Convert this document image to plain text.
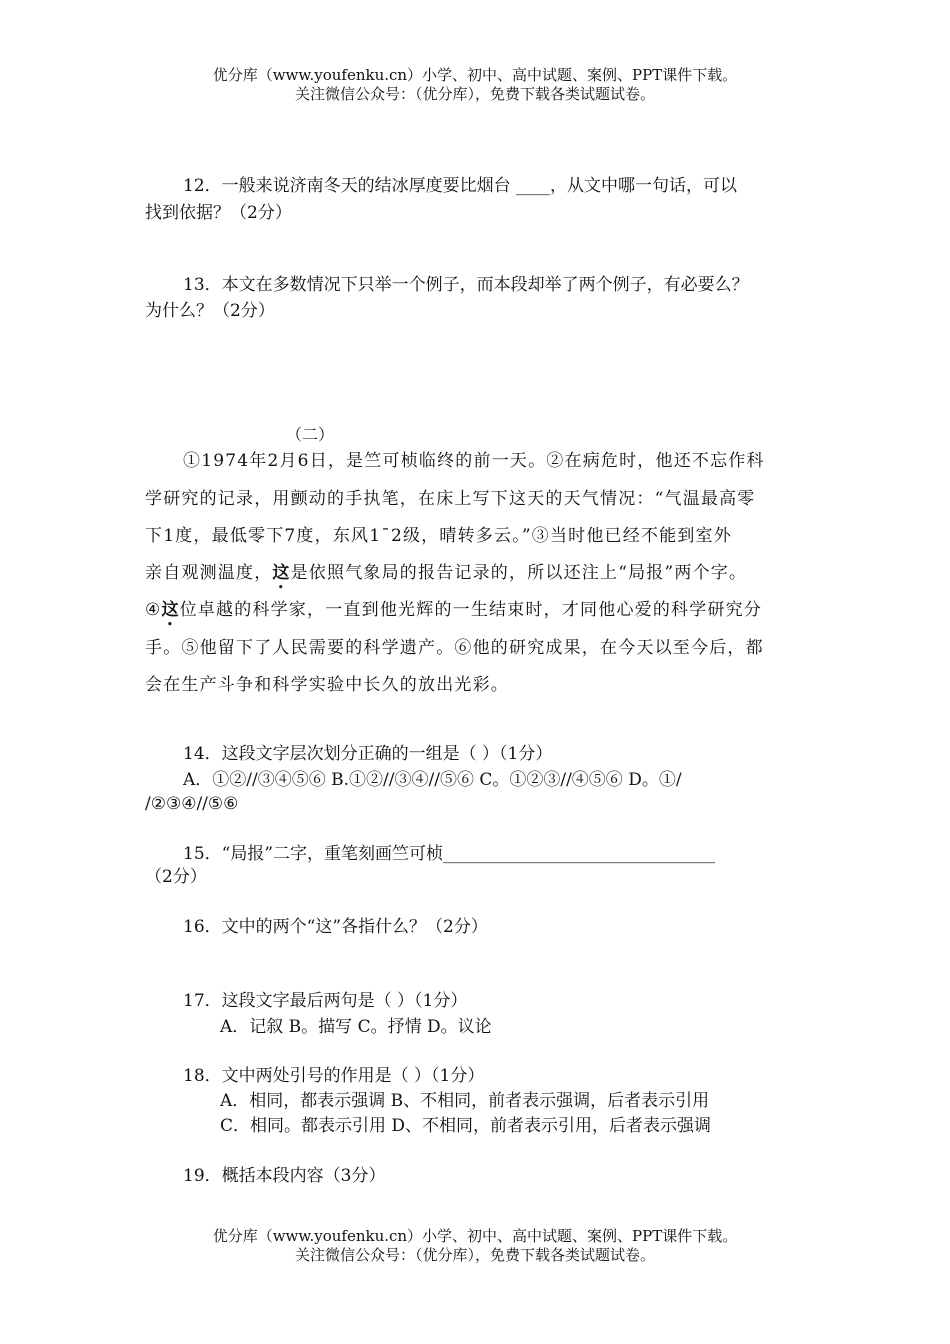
优分库（www.youfenku.cn）小学、初中、高中试题、案例、PPT课件下载。
关注微信公众号：（优分库），免费下载各类试题试卷。
12．一般来说济南冬天的结冰厚度要比烟台 ____，从文中哪一句话，可以
找到依据？（2分）
13．本文在多数情况下只举一个例子，而本段却举了两个例子，有必要么？
为什么？（2分）
（二）
①1974年2月6日，是竺可桢临终的前一天。②在病危时，他还不忘作科
学研究的记录，用颤动的手执笔，在床上写下这天的天气情况：“气温最高零
下1度，最低零下7度，东风1¯2级，晴转多云。”③当时他已经不能到室外
亲自观测温度，这是依照气象局的报告记录的，所以还注上“局报”两个字。
④这位卓越的科学家，一直到他光辉的一生结束时，才同他心爱的科学研究分
手。⑤他留下了人民需要的科学遗产。⑥他的研究成果，在今天以至今后，都
会在生产斗争和科学实验中长久的放出光彩。
14．这段文字层次划分正确的一组是（ ）（1分）
A．①②//③④⑤⑥ B.①②//③④//⑤⑥ C。①②③//④⑤⑥ D。①/
/②③④//⑤⑥
15．“局报”二字，重笔刻画竺可桢________________________________
（2分）
16．文中的两个“这”各指什么？（2分）
17．这段文字最后两句是（ ）（1分）
A．记叙 B。描写 C。抒情 D。议论
18．文中两处引号的作用是（ ）（1分）
A．相同，都表示强调 B、不相同，前者表示强调，后者表示引用
C．相同。都表示引用 D、不相同，前者表示引用，后者表示强调
19．概括本段内容（3分）
优分库（www.youfenku.cn）小学、初中、高中试题、案例、PPT课件下载。
关注微信公众号：（优分库），免费下载各类试题试卷。
